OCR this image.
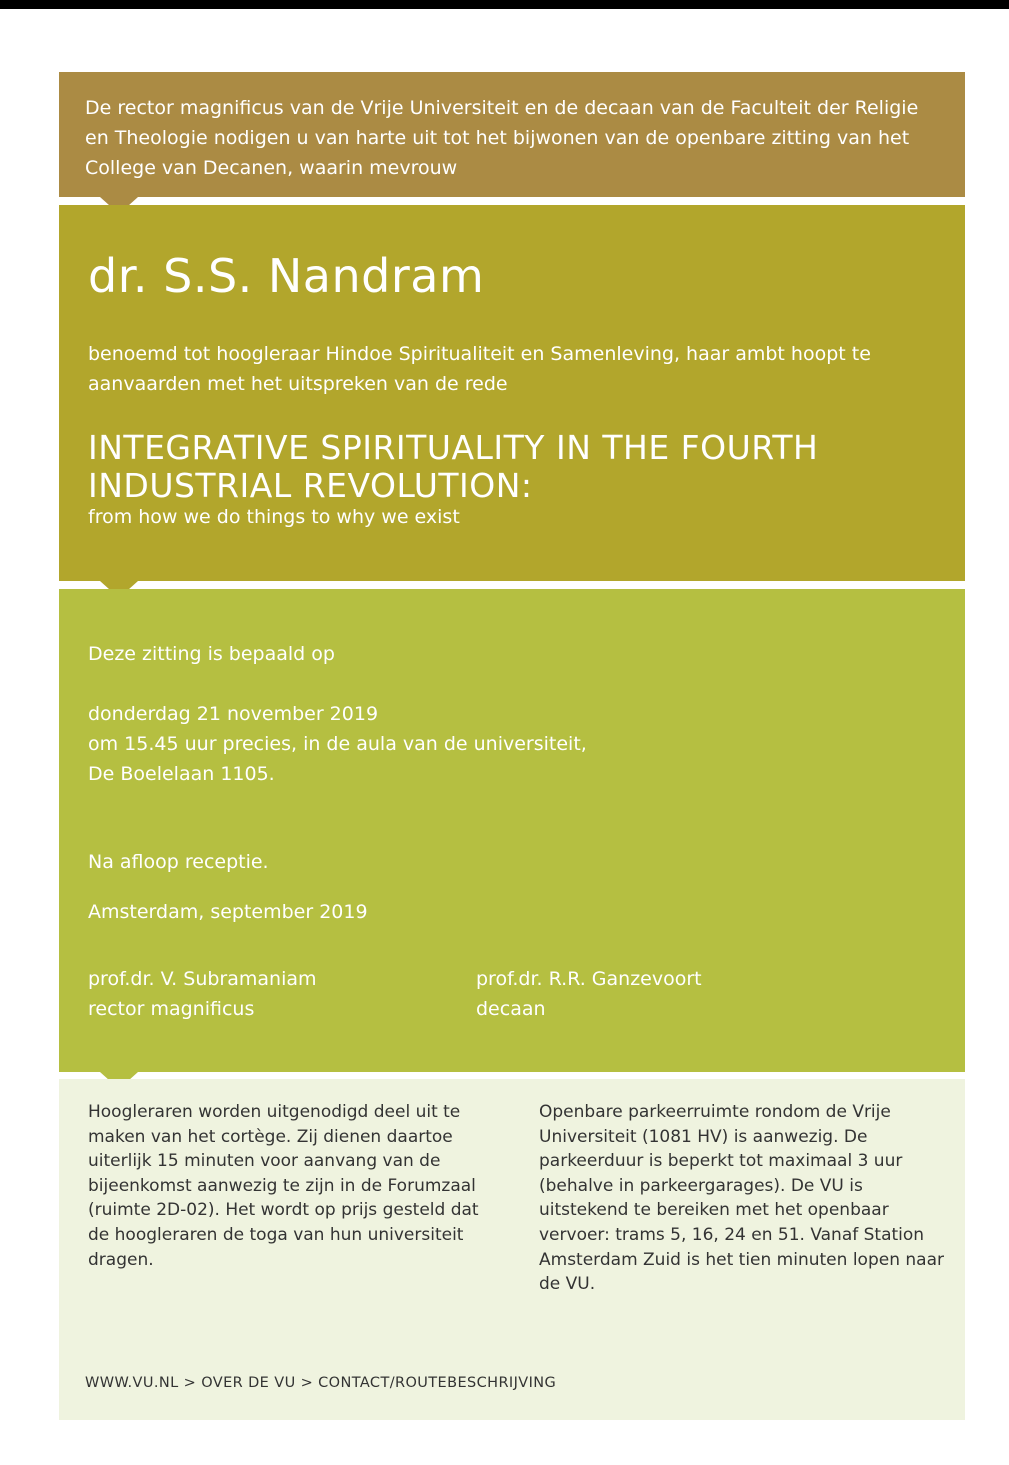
De rector magnificus van de Vrije Universiteit en de decaan van de Faculteit der Religie en Theologie nodigen u van harte uit tot het bijwonen van de openbare zitting van het College van Decanen, waarin mevrouw
dr. S.S. Nandram
benoemd tot hoogleraar Hindoe Spiritualiteit en Samenleving, haar ambt hoopt te aanvaarden met het uitspreken van de rede
INTEGRATIVE SPIRITUALITY IN THE FOURTH INDUSTRIAL REVOLUTION:
from how we do things to why we exist
Deze zitting is bepaald op
donderdag 21 november 2019
om 15.45 uur precies, in de aula van de universiteit,
De Boelelaan 1105.
Na afloop receptie.
Amsterdam, september 2019
prof.dr. V. Subramaniam
rector magnificus
prof.dr. R.R. Ganzevoort
decaan
Hoogleraren worden uitgenodigd deel uit te maken van het cortège. Zij dienen daartoe uiterlijk 15 minuten voor aanvang van de bijeenkomst aanwezig te zijn in de Forumzaal (ruimte 2D-02). Het wordt op prijs gesteld dat de hoogleraren de toga van hun universiteit dragen.
Openbare parkeerruimte rondom de Vrije Universiteit (1081 HV) is aanwezig. De parkeerduur is beperkt tot maximaal 3 uur (behalve in parkeergarages). De VU is uitstekend te bereiken met het openbaar vervoer: trams 5, 16, 24 en 51. Vanaf Station Amsterdam Zuid is het tien minuten lopen naar de VU.
WWW.VU.NL > OVER DE VU > CONTACT/ROUTEBESCHRIJVING
